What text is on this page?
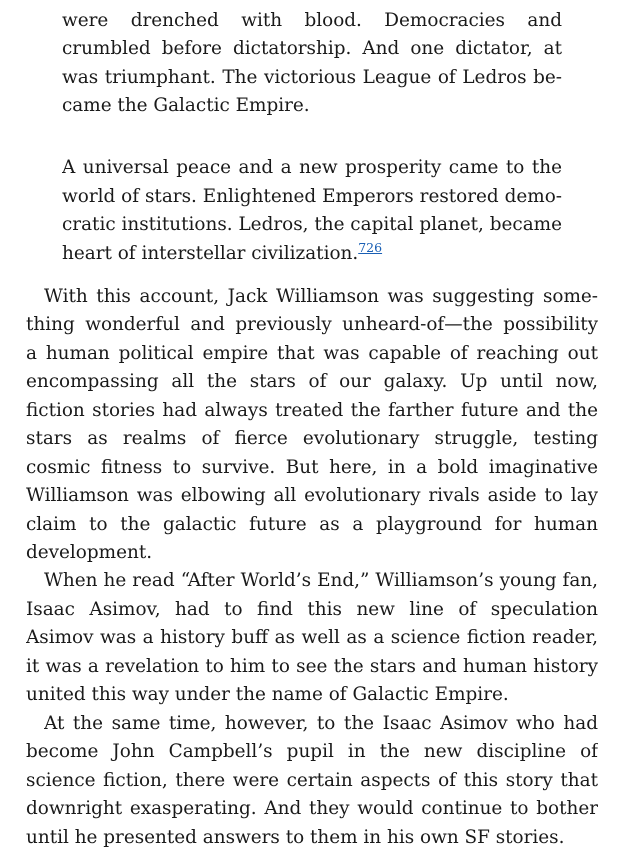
were drenched with blood. Democracies and
crumbled before dictatorship. And one dictator, at
was triumphant. The victorious League of Ledros be-
came the Galactic Empire.
A universal peace and a new prosperity came to the
world of stars. Enlightened Emperors restored demo-
cratic institutions. Ledros, the capital planet, became
heart of interstellar civilization.$^{726}$
With this account, Jack Williamson was suggesting some-
thing wonderful and previously unheard-of—the possibility
a human political empire that was capable of reaching out
encompassing all the stars of our galaxy. Up until now,
fiction stories had always treated the farther future and the
stars as realms of fierce evolutionary struggle, testing
cosmic fitness to survive. But here, in a bold imaginative
Williamson was elbowing all evolutionary rivals aside to lay
claim to the galactic future as a playground for human
development.
When he read “After World’s End,” Williamson’s young fan,
Isaac Asimov, had to find this new line of speculation
Asimov was a history buff as well as a science fiction reader,
it was a revelation to him to see the stars and human history
united this way under the name of Galactic Empire.
At the same time, however, to the Isaac Asimov who had
become John Campbell’s pupil in the new discipline of
science fiction, there were certain aspects of this story that
downright exasperating. And they would continue to bother
until he presented answers to them in his own SF stories.
